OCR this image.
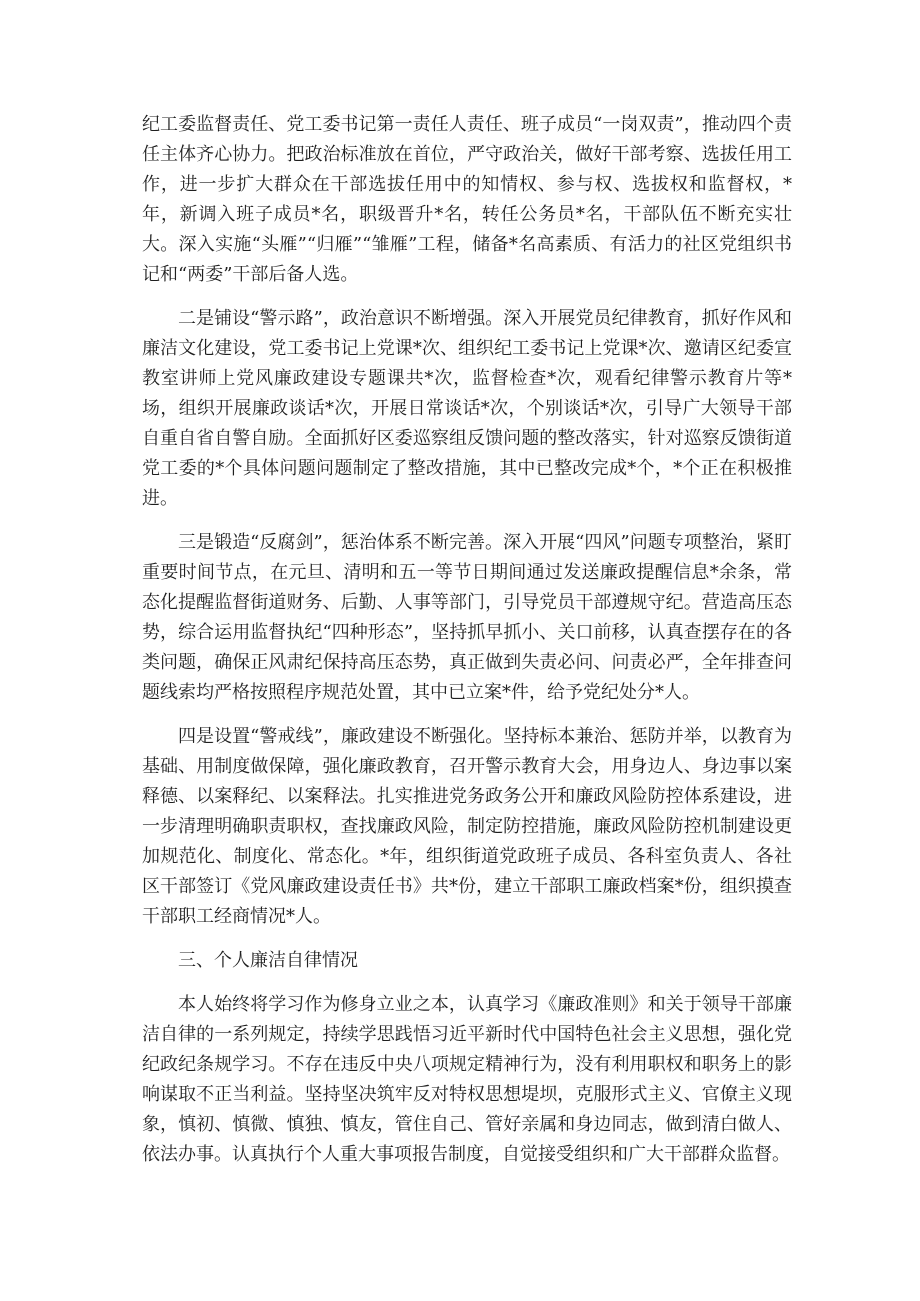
纪工委监督责任、党工委书记第一责任人责任、班子成员“一岗双责”，推动四个责任主体齐心协力。把政治标准放在首位，严守政治关，做好干部考察、选拔任用工作，进一步扩大群众在干部选拔任用中的知情权、参与权、选拔权和监督权，*年，新调入班子成员*名，职级晋升*名，转任公务员*名，干部队伍不断充实壮大。深入实施“头雁”“归雁”“雏雁”工程，储备*名高素质、有活力的社区党组织书记和“两委”干部后备人选。

二是铺设“警示路”，政治意识不断增强。深入开展党员纪律教育，抓好作风和廉洁文化建设，党工委书记上党课*次、组织纪工委书记上党课*次、邀请区纪委宣教室讲师上党风廉政建设专题课共*次，监督检查*次，观看纪律警示教育片等*场，组织开展廉政谈话*次，开展日常谈话*次，个别谈话*次，引导广大领导干部自重自省自警自励。全面抓好区委巡察组反馈问题的整改落实，针对巡察反馈街道党工委的*个具体问题问题制定了整改措施，其中已整改完成*个，*个正在积极推进。

三是锻造“反腐剑”，惩治体系不断完善。深入开展“四风”问题专项整治，紧盯重要时间节点，在元旦、清明和五一等节日期间通过发送廉政提醒信息*余条，常态化提醒监督街道财务、后勤、人事等部门，引导党员干部遵规守纪。营造高压态势，综合运用监督执纪“四种形态”，坚持抓早抓小、关口前移，认真查摆存在的各类问题，确保正风肃纪保持高压态势，真正做到失责必问、问责必严，全年排查问题线索均严格按照程序规范处置，其中已立案*件，给予党纪处分*人。

四是设置“警戒线”，廉政建设不断强化。坚持标本兼治、惩防并举，以教育为基础、用制度做保障，强化廉政教育，召开警示教育大会，用身边人、身边事以案释德、以案释纪、以案释法。扎实推进党务政务公开和廉政风险防控体系建设，进一步清理明确职责职权，查找廉政风险，制定防控措施，廉政风险防控机制建设更加规范化、制度化、常态化。*年，组织街道党政班子成员、各科室负责人、各社区干部签订《党风廉政建设责任书》共*份，建立干部职工廉政档案*份，组织摸查干部职工经商情况*人。

三、个人廉洁自律情况

本人始终将学习作为修身立业之本，认真学习《廉政准则》和关于领导干部廉洁自律的一系列规定，持续学思践悟习近平新时代中国特色社会主义思想，强化党纪政纪条规学习。不存在违反中央八项规定精神行为，没有利用职权和职务上的影响谋取不正当利益。坚持坚决筑牢反对特权思想堤坝，克服形式主义、官僚主义现象，慎初、慎微、慎独、慎友，管住自己、管好亲属和身边同志，做到清白做人、依法办事。认真执行个人重大事项报告制度，自觉接受组织和广大干部群众监督。
